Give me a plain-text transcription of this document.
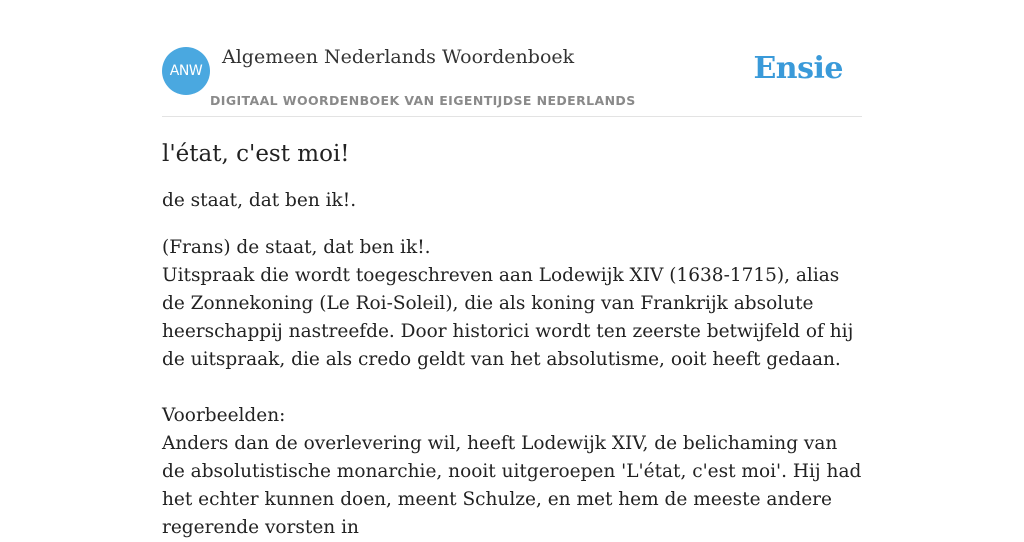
ANW
Algemeen Nederlands Woordenboek
DIGITAAL WOORDENBOEK VAN EIGENTIJDSE NEDERLANDS
Ensie
l'état, c'est moi!

de staat, dat ben ik!.

(Frans) de staat, dat ben ik!.

Uitspraak die wordt toegeschreven aan Lodewijk XIV (1638-1715), alias de Zonnekoning (Le Roi-Soleil), die als koning van Frankrijk absolute heerschappij nastreefde. Door historici wordt ten zeerste betwijfeld of hij de uitspraak, die als credo geldt van het absolutisme, ooit heeft gedaan.

Voorbeelden:

Anders dan de overlevering wil, heeft Lodewijk XIV, de belichaming van de absolutistische monarchie, nooit uitgeroepen 'L'état, c'est moi'. Hij had het echter kunnen doen, meent Schulze, en met hem de meeste andere regerende vorsten in
